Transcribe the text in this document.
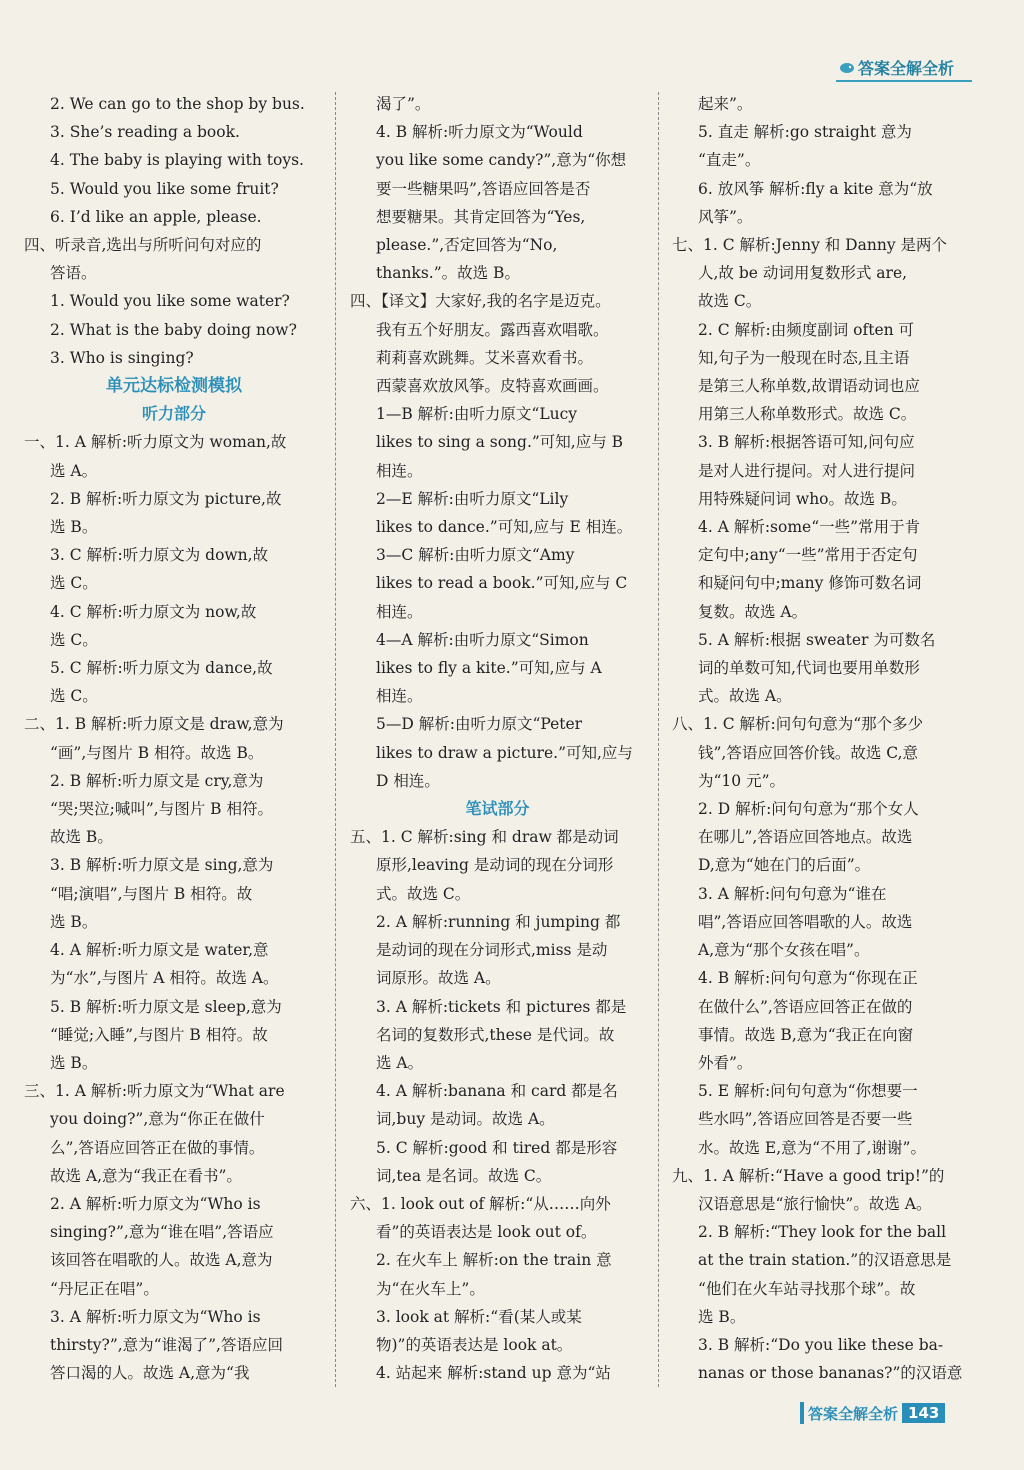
答案全解全析
2. We can go to the shop by bus.
3. She’s reading a book.
4. The baby is playing with toys.
5. Would you like some fruit?
6. I’d like an apple, please.
四、听录音,选出与所听问句对应的
答语。
1. Would you like some water?
2. What is the baby doing now?
3. Who is singing?
单元达标检测模拟
听力部分
一、1. A 解析:听力原文为 woman,故
选 A。
2. B 解析:听力原文为 picture,故
选 B。
3. C 解析:听力原文为 down,故
选 C。
4. C 解析:听力原文为 now,故
选 C。
5. C 解析:听力原文为 dance,故
选 C。
二、1. B 解析:听力原文是 draw,意为
“画”,与图片 B 相符。故选 B。
2. B 解析:听力原文是 cry,意为
“哭;哭泣;喊叫”,与图片 B 相符。
故选 B。
3. B 解析:听力原文是 sing,意为
“唱;演唱”,与图片 B 相符。故
选 B。
4. A 解析:听力原文是 water,意
为“水”,与图片 A 相符。故选 A。
5. B 解析:听力原文是 sleep,意为
“睡觉;入睡”,与图片 B 相符。故
选 B。
三、1. A 解析:听力原文为“What are
you doing?”,意为“你正在做什
么”,答语应回答正在做的事情。
故选 A,意为“我正在看书”。
2. A 解析:听力原文为“Who is
singing?”,意为“谁在唱”,答语应
该回答在唱歌的人。故选 A,意为
“丹尼正在唱”。
3. A 解析:听力原文为“Who is
thirsty?”,意为“谁渴了”,答语应回
答口渴的人。故选 A,意为“我
渴了”。
4. B 解析:听力原文为“Would
you like some candy?”,意为“你想
要一些糖果吗”,答语应回答是否
想要糖果。其肯定回答为“Yes,
please.”,否定回答为“No,
thanks.”。故选 B。
四、【译文】大家好,我的名字是迈克。
我有五个好朋友。露西喜欢唱歌。
莉莉喜欢跳舞。艾米喜欢看书。
西蒙喜欢放风筝。皮特喜欢画画。
1—B 解析:由听力原文“Lucy
likes to sing a song.”可知,应与 B
相连。
2—E 解析:由听力原文“Lily
likes to dance.”可知,应与 E 相连。
3—C 解析:由听力原文“Amy
likes to read a book.”可知,应与 C
相连。
4—A 解析:由听力原文“Simon
likes to fly a kite.”可知,应与 A
相连。
5—D 解析:由听力原文“Peter
likes to draw a picture.”可知,应与
D 相连。
笔试部分
五、1. C 解析:sing 和 draw 都是动词
原形,leaving 是动词的现在分词形
式。故选 C。
2. A 解析:running 和 jumping 都
是动词的现在分词形式,miss 是动
词原形。故选 A。
3. A 解析:tickets 和 pictures 都是
名词的复数形式,these 是代词。故
选 A。
4. A 解析:banana 和 card 都是名
词,buy 是动词。故选 A。
5. C 解析:good 和 tired 都是形容
词,tea 是名词。故选 C。
六、1. look out of 解析:“从……向外
看”的英语表达是 look out of。
2. 在火车上 解析:on the train 意
为“在火车上”。
3. look at 解析:“看(某人或某
物)”的英语表达是 look at。
4. 站起来 解析:stand up 意为“站
起来”。
5. 直走 解析:go straight 意为
“直走”。
6. 放风筝 解析:fly a kite 意为“放
风筝”。
七、1. C 解析:Jenny 和 Danny 是两个
人,故 be 动词用复数形式 are,
故选 C。
2. C 解析:由频度副词 often 可
知,句子为一般现在时态,且主语
是第三人称单数,故谓语动词也应
用第三人称单数形式。故选 C。
3. B 解析:根据答语可知,问句应
是对人进行提问。对人进行提问
用特殊疑问词 who。故选 B。
4. A 解析:some“一些”常用于肯
定句中;any“一些”常用于否定句
和疑问句中;many 修饰可数名词
复数。故选 A。
5. A 解析:根据 sweater 为可数名
词的单数可知,代词也要用单数形
式。故选 A。
八、1. C 解析:问句句意为“那个多少
钱”,答语应回答价钱。故选 C,意
为“10 元”。
2. D 解析:问句句意为“那个女人
在哪儿”,答语应回答地点。故选
D,意为“她在门的后面”。
3. A 解析:问句句意为“谁在
唱”,答语应回答唱歌的人。故选
A,意为“那个女孩在唱”。
4. B 解析:问句句意为“你现在正
在做什么”,答语应回答正在做的
事情。故选 B,意为“我正在向窗
外看”。
5. E 解析:问句句意为“你想要一
些水吗”,答语应回答是否要一些
水。故选 E,意为“不用了,谢谢”。
九、1. A 解析:“Have a good trip!”的
汉语意思是“旅行愉快”。故选 A。
2. B 解析:“They look for the ball
at the train station.”的汉语意思是
“他们在火车站寻找那个球”。故
选 B。
3. B 解析:“Do you like these ba-
nanas or those bananas?”的汉语意
答案全解全析 143
